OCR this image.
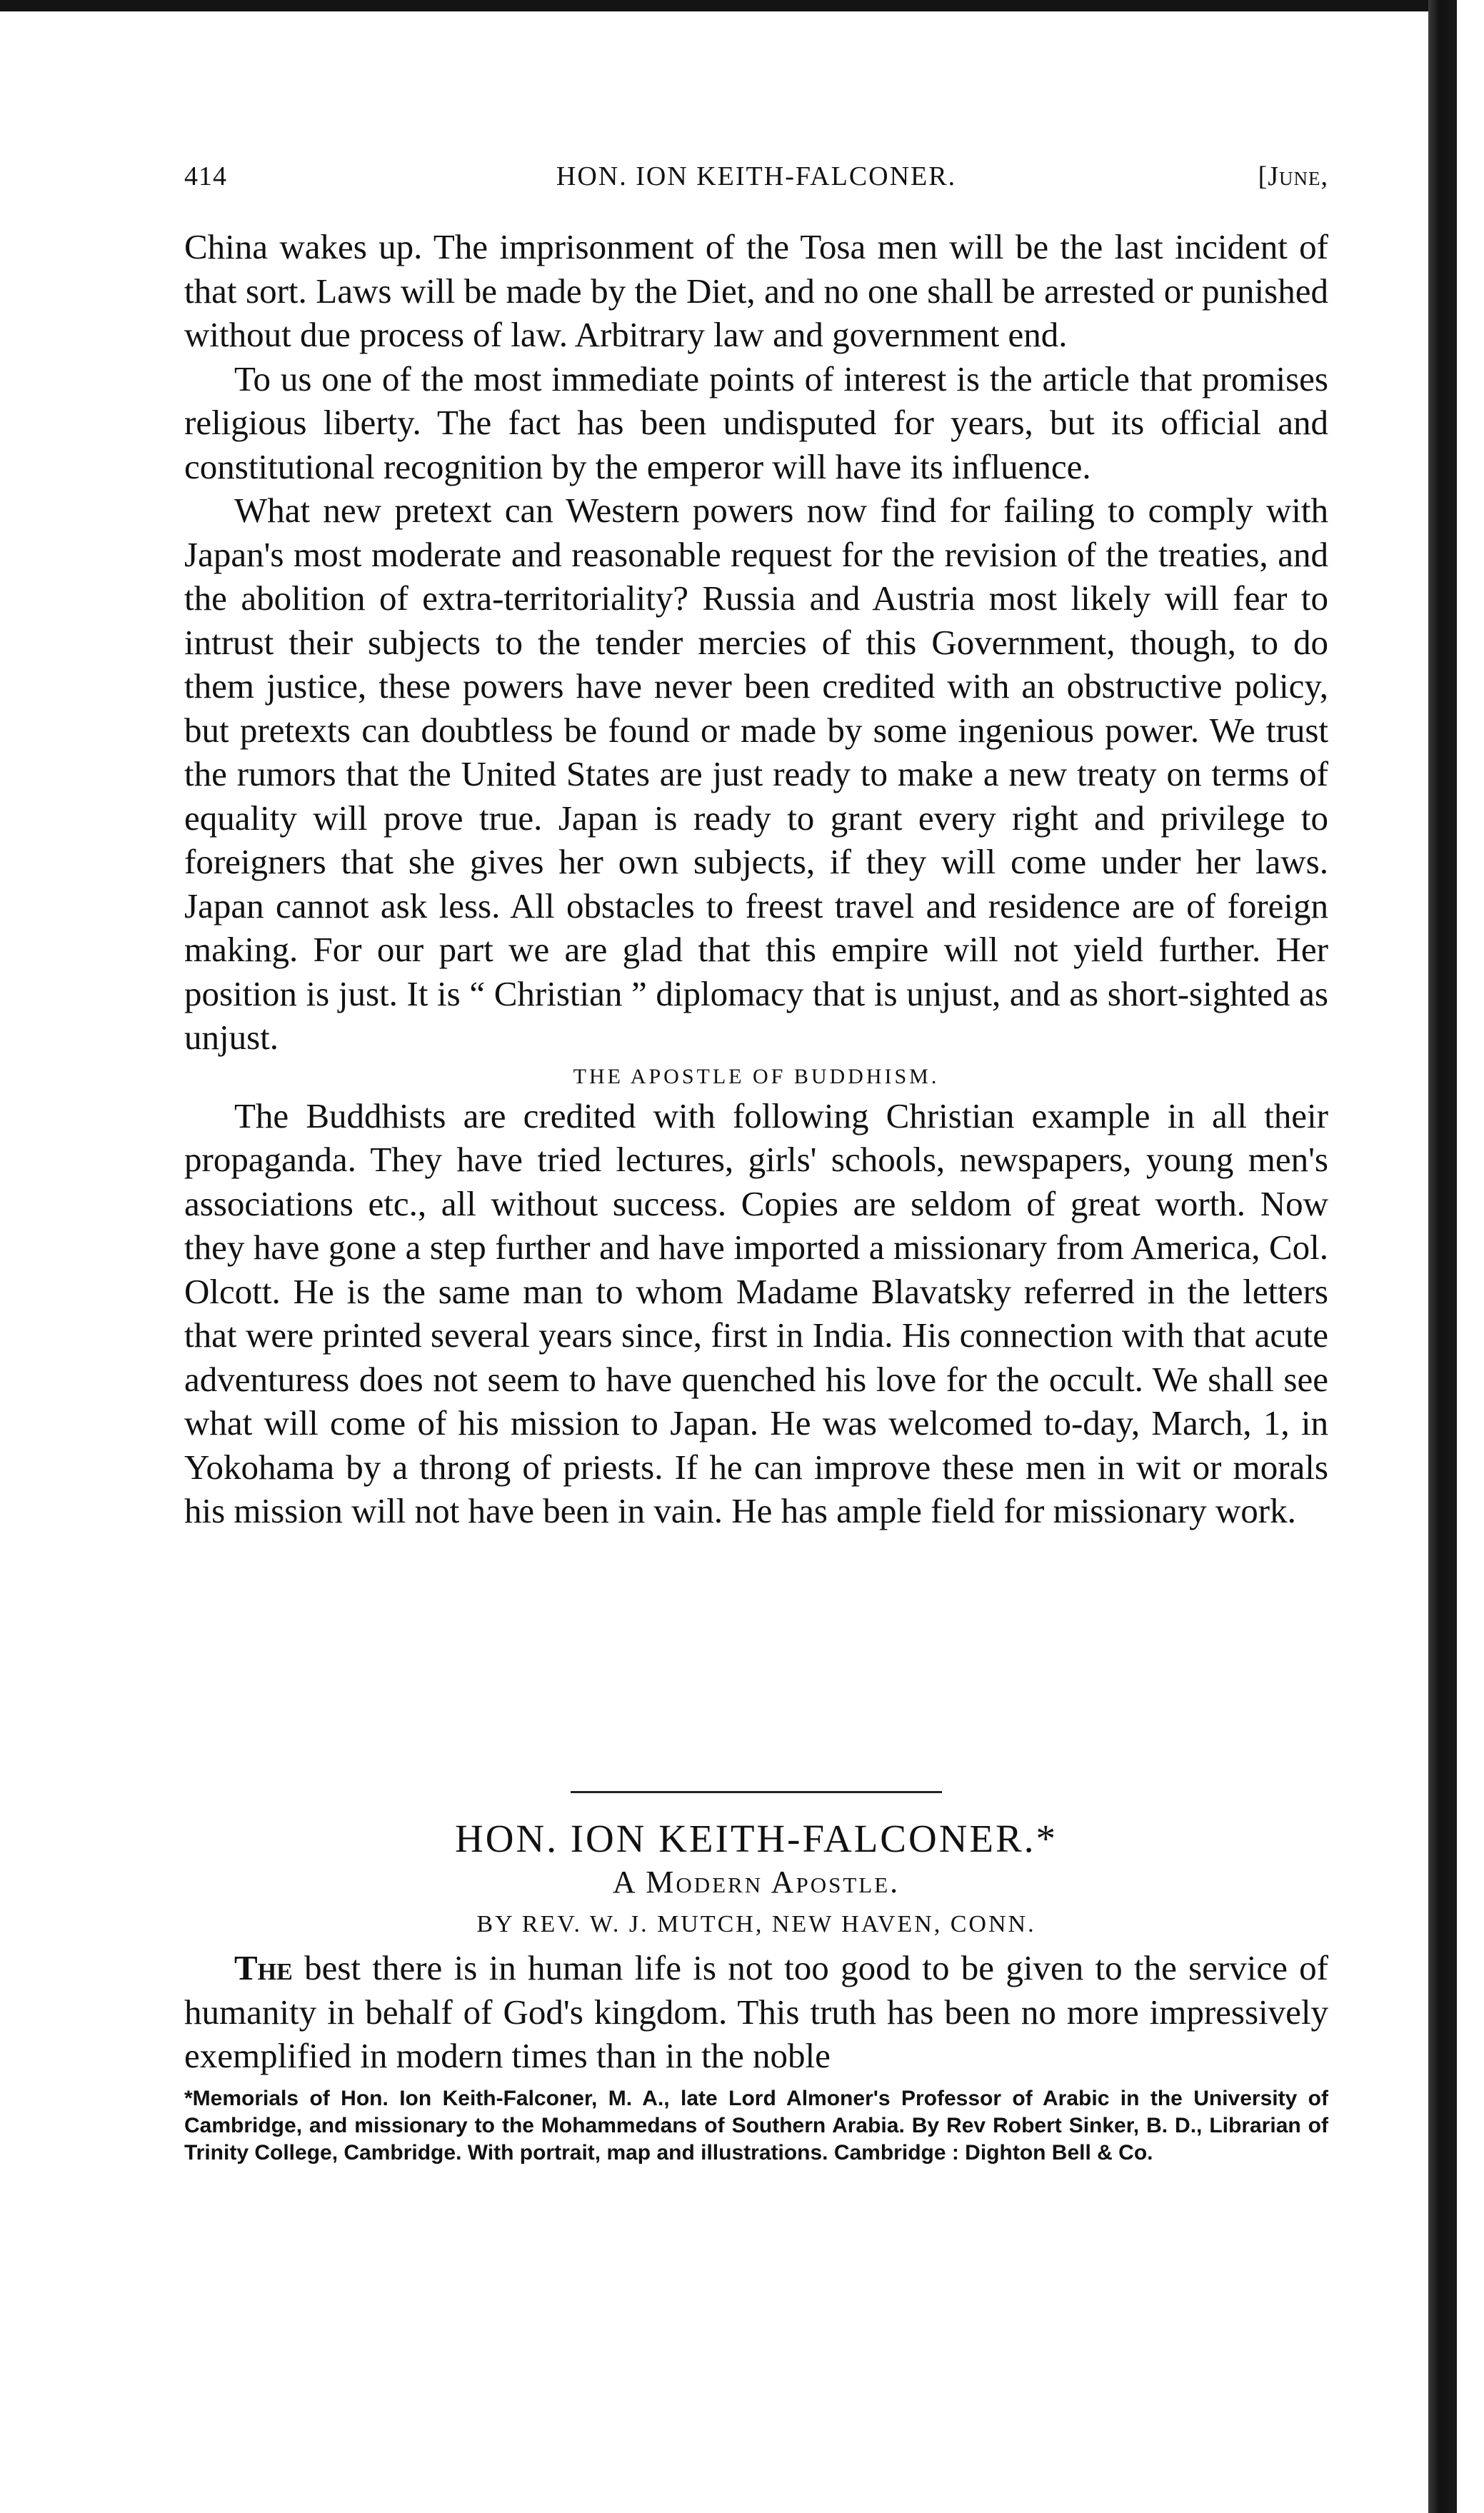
414	HON. ION KEITH-FALCONER.	[June,

China wakes up. The imprisonment of the Tosa men will be the last incident of that sort. Laws will be made by the Diet, and no one shall be arrested or punished without due process of law. Arbitrary law and government end.

To us one of the most immediate points of interest is the article that promises religious liberty. The fact has been undisputed for years, but its official and constitutional recognition by the emperor will have its influence.

What new pretext can Western powers now find for failing to comply with Japan's most moderate and reasonable request for the revision of the treaties, and the abolition of extra-territoriality? Russia and Austria most likely will fear to intrust their subjects to the tender mercies of this Government, though, to do them justice, these powers have never been credited with an obstructive policy, but pretexts can doubtless be found or made by some ingenious power. We trust the rumors that the United States are just ready to make a new treaty on terms of equality will prove true. Japan is ready to grant every right and privilege to foreigners that she gives her own subjects, if they will come under her laws. Japan cannot ask less. All obstacles to freest travel and residence are of foreign making. For our part we are glad that this empire will not yield further. Her position is just. It is “ Christian ” diplomacy that is unjust, and as short-sighted as unjust.

THE APOSTLE OF BUDDHISM.

The Buddhists are credited with following Christian example in all their propaganda. They have tried lectures, girls' schools, newspapers, young men's associations etc., all without success. Copies are seldom of great worth. Now they have gone a step further and have imported a missionary from America, Col. Olcott. He is the same man to whom Madame Blavatsky referred in the letters that were printed several years since, first in India. His connection with that acute adventuress does not seem to have quenched his love for the occult. We shall see what will come of his mission to Japan. He was welcomed to-day, March, 1, in Yokohama by a throng of priests. If he can improve these men in wit or morals his mission will not have been in vain. He has ample field for missionary work.

HON. ION KEITH-FALCONER.*
A Modern Apostle.
BY REV. W. J. MUTCH, NEW HAVEN, CONN.

The best there is in human life is not too good to be given to the service of humanity in behalf of God's kingdom. This truth has been no more impressively exemplified in modern times than in the noble

*Memorials of Hon. Ion Keith-Falconer, M. A., late Lord Almoner's Professor of Arabic in the University of Cambridge, and missionary to the Mohammedans of Southern Arabia. By Rev Robert Sinker, B. D., Librarian of Trinity College, Cambridge. With portrait, map and illustrations. Cambridge : Dighton Bell & Co.
